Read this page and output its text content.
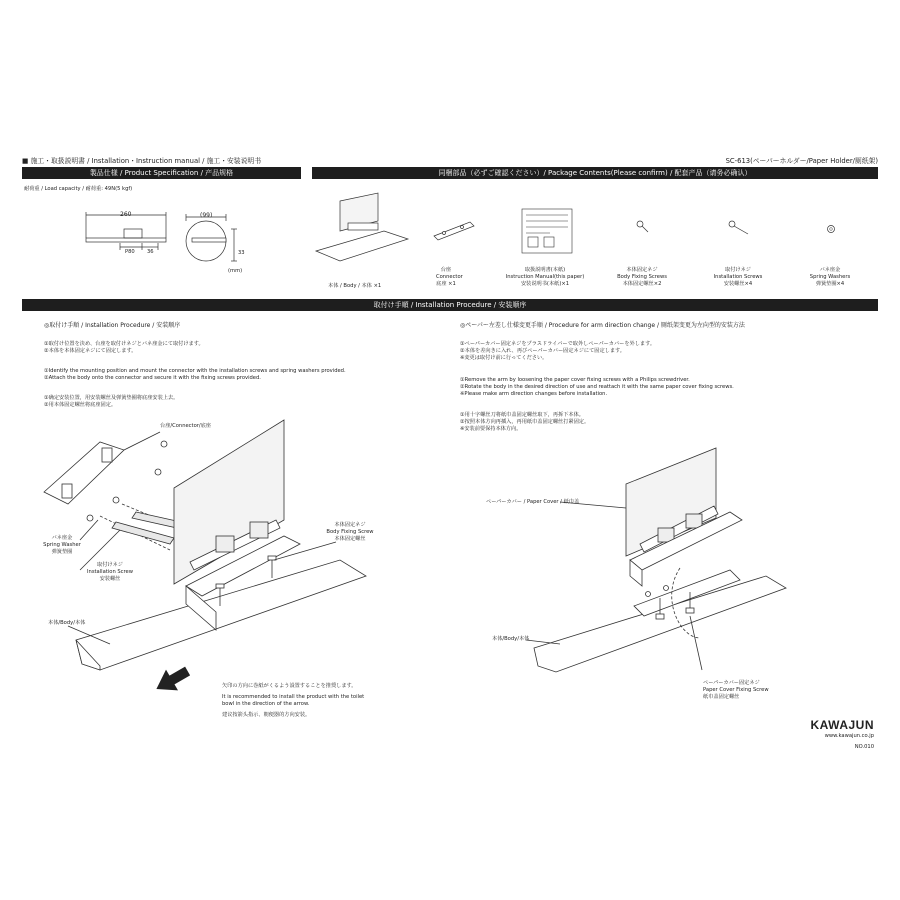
■ 施工・取扱説明書 / Installation・Instruction manual / 施工・安装说明书	SC-613(ペーパーホルダー/Paper Holder/厕纸架)
製品仕様 / Product Specification / 产品规格	同梱部品（必ずご確認ください）/ Package Contents(Please confirm) / 配套产品（请务必确认）
耐荷重 / Load capacity / 耐荷重: 49N(5 kgf)
260	(99)
P80 36	33
(mm)
本体 / Body / 本体 ×1
台座
Connector
底座 ×1
取扱説明書(本紙)
Instruction Manual(this paper)
安装说明书(本纸)×1
本体固定ネジ
Body Fixing Screws
本体固定螺丝×2
取付けネジ
Installation Screws
安装螺丝×4
バネ座金
Spring Washers
弹簧垫圈×4
取付け手順 / Installation Procedure / 安装顺序
◎取付け手順 / Installation Procedure / 安装顺序
①取付け位置を決め、台座を取付けネジとバネ座金にて取付けます。
②本体を本体固定ネジにて固定します。
①Identify the mounting position and mount the connector with the installation screws and spring washers provided.
②Attach the body onto the connector and secure it with the fixing screws provided.
①确定安装位置，用安装螺丝及弹簧垫圈将底座安装上去。
②用本体固定螺丝将底座固定。
台座/Connector/底座
バネ座金
Spring Washer
弹簧垫圈
取付けネジ
Installation Screw
安装螺丝
本体固定ネジ
Body Fixing Screw
本体固定螺丝
本体/Body/本体
矢印の方向に巻紙がくるよう設置することを推奨します。
It is recommended to install the product with the toilet
bowl in the direction of the arrow.
建议按箭头指示、朝便器的方向安装。
◎ペーパー左差し仕様変更手順 / Procedure for arm direction change / 厕纸架变更为左向型的安装方法
①ペーパーカバー固定ネジをプラスドライバーで取外しペーパーカバーを外します。
②本体を差向きに入れ、再びペーパーカバー固定ネジにて固定します。
※変更は取付け前に行ってください。
①Remove the arm by loosening the paper cover fixing screws with a Philips screwdriver.
②Rotate the body in the desired direction of use and reattach it with the same paper cover fixing screws.
※Please make arm direction changes before installation.
①用十字螺丝刀将纸巾盖固定螺丝取下，再拆下本体。
②按照本体方向再插入，再用纸巾盖固定螺丝打紧固定。
※安装前要保持本体方向。
ペーパーカバー / Paper Cover / 纸巾盖
本体/Body/本体
ペーパーカバー固定ネジ
Paper Cover Fixing Screw
纸巾盖固定螺丝
KAWAJUN
www.kawajun.co.jp
NO.010
